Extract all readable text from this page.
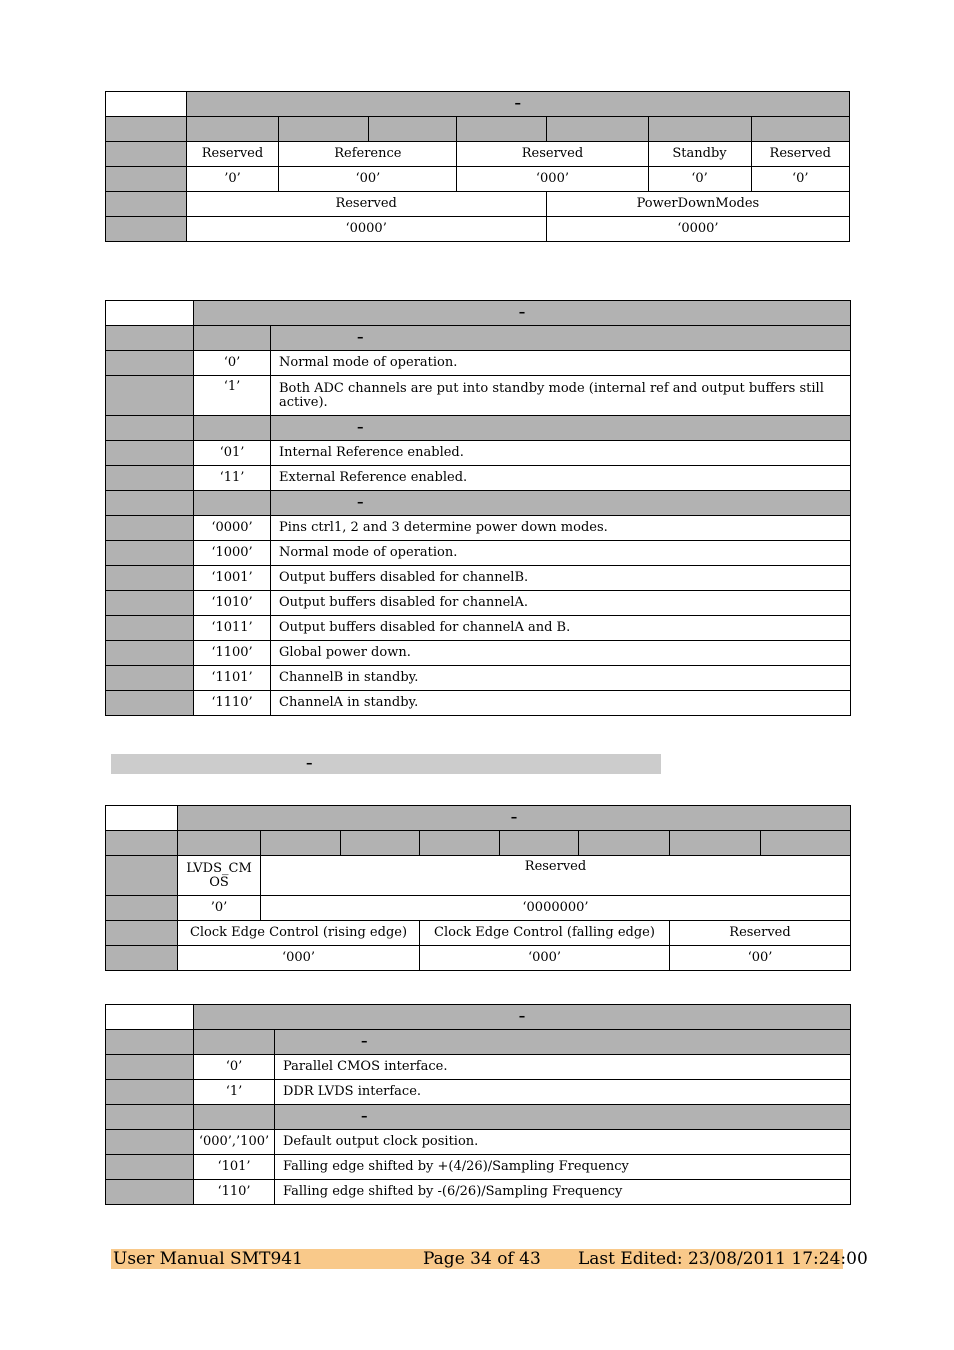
	–						

	Reserved	Reference		Reserved		Standby	Reserved
	’0’	‘00’		‘000’		‘0’	‘0’
	Reserved				PowerDownModes		
	‘0000’				‘0000’		
	–	
		–
	‘0’	Normal mode of operation.
	‘1’	Both ADC channels are put into standby mode (internal ref and output buffers still active).
		–
	‘01’	Internal Reference enabled.
	‘11’	External Reference enabled.
		–
	‘0000’	Pins ctrl1, 2 and 3 determine power down modes.
	‘1000’	Normal mode of operation.
	‘1001’	Output buffers disabled for channelB.
	‘1010’	Output buffers disabled for channelA.
	‘1011’	Output buffers disabled for channelA and B.
	‘1100’	Global power down.
	‘1101’	ChannelB in standby.
	‘1110’	ChannelA in standby.
–
	–							

	LVDS_CMOS	Reserved						
	’0’	‘0000000’						
	Clock Edge Control (rising edge)			Clock Edge Control (falling edge)			Reserved	
	‘000’			‘000’			‘00’	
	–	
		–
	‘0’	Parallel CMOS interface.
	‘1’	DDR LVDS interface.
		–
	‘000’,’100’	Default output clock position.
	‘101’	Falling edge shifted by +(4/26)/Sampling Frequency
	‘110’	Falling edge shifted by -(6/26)/Sampling Frequency
User Manual SMT941	Page 34 of 43 Last Edited: 23/08/2011 17:24:00
